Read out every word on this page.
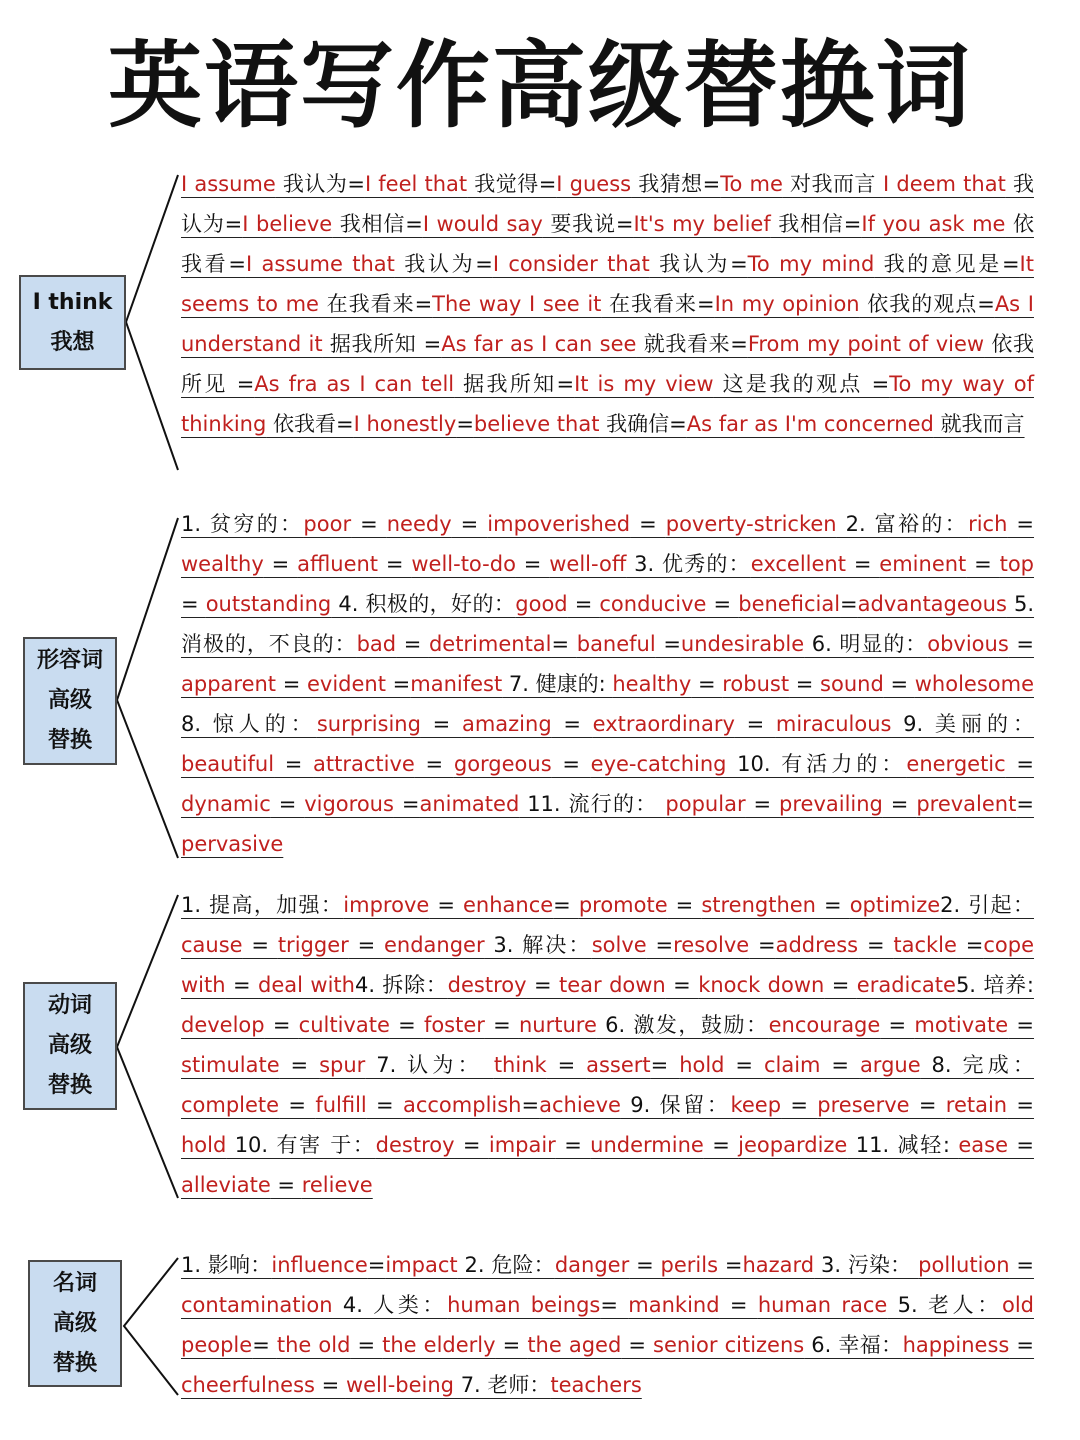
英语写作高级替换词
I think
我想

I assume 我认为=I feel that 我觉得=I guess 我猜想=To me 对我而言 I deem that 我认为=I believe 我相信=I would say 要我说=It's my belief 我相信=If you ask me 依我看=I assume that 我认为=I consider that 我认为=To my mind 我的意见是=It seems to me 在我看来=The way I see it 在我看来=In my opinion 依我的观点=As I understand it 据我所知 =As far as I can see 就我看来=From my point of view 依我所见 =As fra as I can tell 据我所知=It is my view 这是我的观点 =To my way of thinking 依我看=I honestly=believe that 我确信=As far as I'm concerned 就我而言

形容词
高级
替换

1. 贫穷的：poor = needy = impoverished = poverty-stricken 2. 富裕的：rich = wealthy = affluent = well-to-do = well-off 3. 优秀的：excellent = eminent = top = outstanding 4. 积极的，好的：good = conducive = beneficial=advantageous 5. 消极的，不良的：bad = detrimental= baneful =undesirable 6. 明显的：obvious = apparent = evident =manifest 7. 健康的: healthy = robust = sound = wholesome 8. 惊人的：surprising = amazing = extraordinary = miraculous 9. 美丽的：beautiful = attractive = gorgeous = eye-catching 10. 有活力的：energetic = dynamic = vigorous =animated 11. 流行的： popular = prevailing = prevalent= pervasive

动词
高级
替换

1. 提高，加强：improve = enhance= promote = strengthen = optimize2. 引起：cause = trigger = endanger 3. 解决：solve =resolve =address = tackle =cope with = deal with4. 拆除：destroy = tear down = knock down = eradicate5. 培养: develop = cultivate = foster = nurture 6. 激发，鼓励：encourage = motivate = stimulate = spur 7. 认为： think = assert= hold = claim = argue 8. 完成：complete = fulfill = accomplish=achieve 9. 保留：keep = preserve = retain = hold 10. 有害 于：destroy = impair = undermine = jeopardize 11. 减轻: ease = alleviate = relieve

名词
高级
替换

1. 影响：influence=impact 2. 危险：danger = perils =hazard 3. 污染： pollution = contamination 4. 人类：human beings= mankind = human race 5. 老人：old people= the old = the elderly = the aged = senior citizens 6. 幸福：happiness = cheerfulness = well-being 7. 老师：teachers
